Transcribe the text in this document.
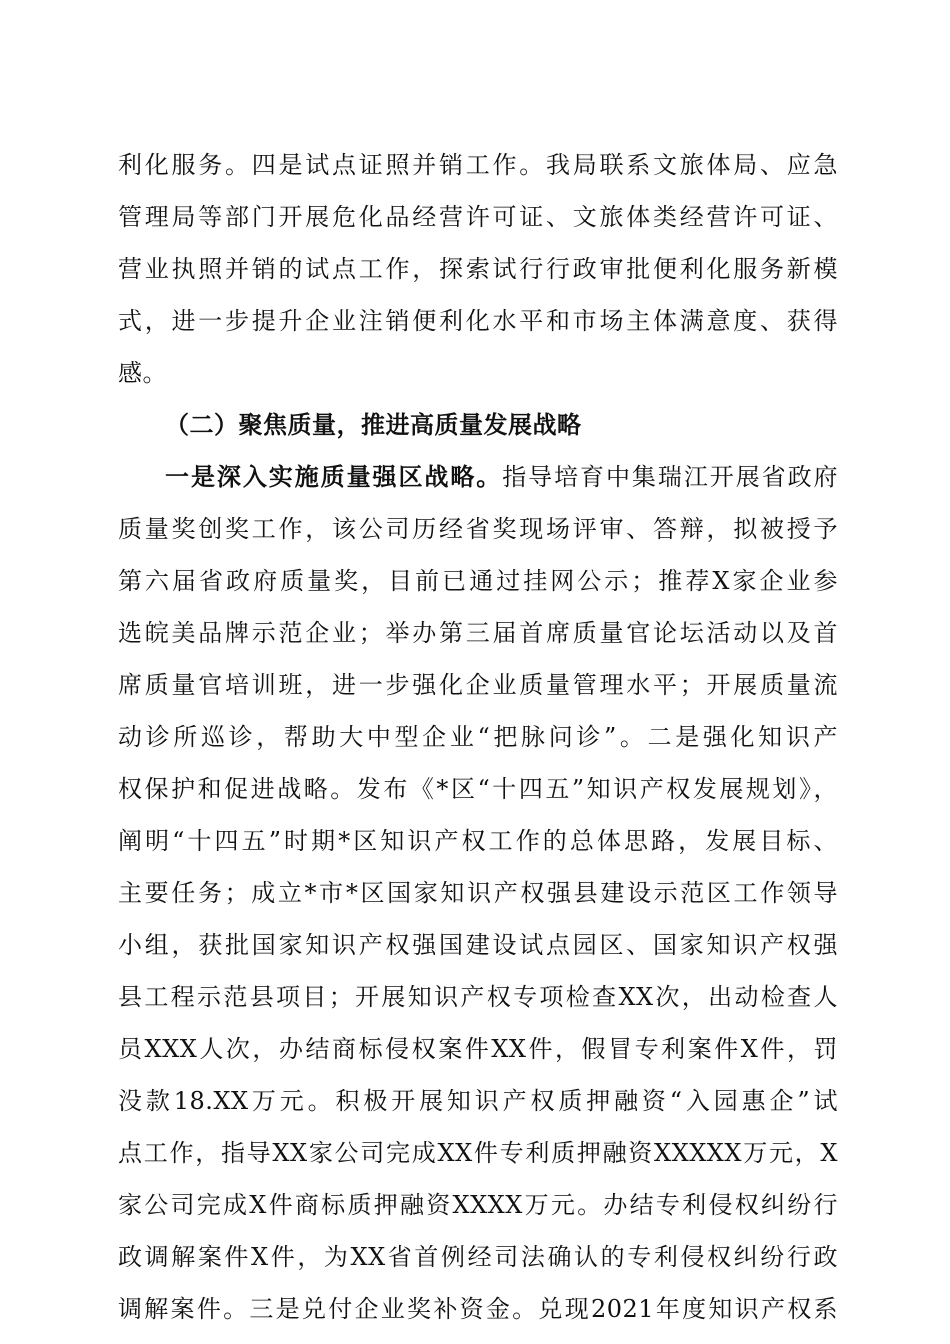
利化服务。四是试点证照并销工作。我局联系文旅体局、应急
管理局等部门开展危化品经营许可证、文旅体类经营许可证、
营业执照并销的试点工作，探索试行行政审批便利化服务新模
式，进一步提升企业注销便利化水平和市场主体满意度、获得
感。
（二）聚焦质量，推进高质量发展战略
一是深入实施质量强区战略。指导培育中集瑞江开展省政府
质量奖创奖工作，该公司历经省奖现场评审、答辩，拟被授予
第六届省政府质量奖，目前已通过挂网公示；推荐X家企业参
选皖美品牌示范企业；举办第三届首席质量官论坛活动以及首
席质量官培训班，进一步强化企业质量管理水平；开展质量流
动诊所巡诊，帮助大中型企业“把脉问诊”。二是强化知识产
权保护和促进战略。发布《*区“十四五”知识产权发展规划》，
阐明“十四五”时期*区知识产权工作的总体思路，发展目标、
主要任务；成立*市*区国家知识产权强县建设示范区工作领导
小组，获批国家知识产权强国建设试点园区、国家知识产权强
县工程示范县项目；开展知识产权专项检查XX次，出动检查人
员XXX人次，办结商标侵权案件XX件，假冒专利案件X件，罚
没款18.XX万元。积极开展知识产权质押融资“入园惠企”试
点工作，指导XX家公司完成XX件专利质押融资XXXXX万元，X
家公司完成X件商标质押融资XXXX万元。办结专利侵权纠纷行
政调解案件X件，为XX省首例经司法确认的专利侵权纠纷行政
调解案件。三是兑付企业奖补资金。兑现2021年度知识产权系
